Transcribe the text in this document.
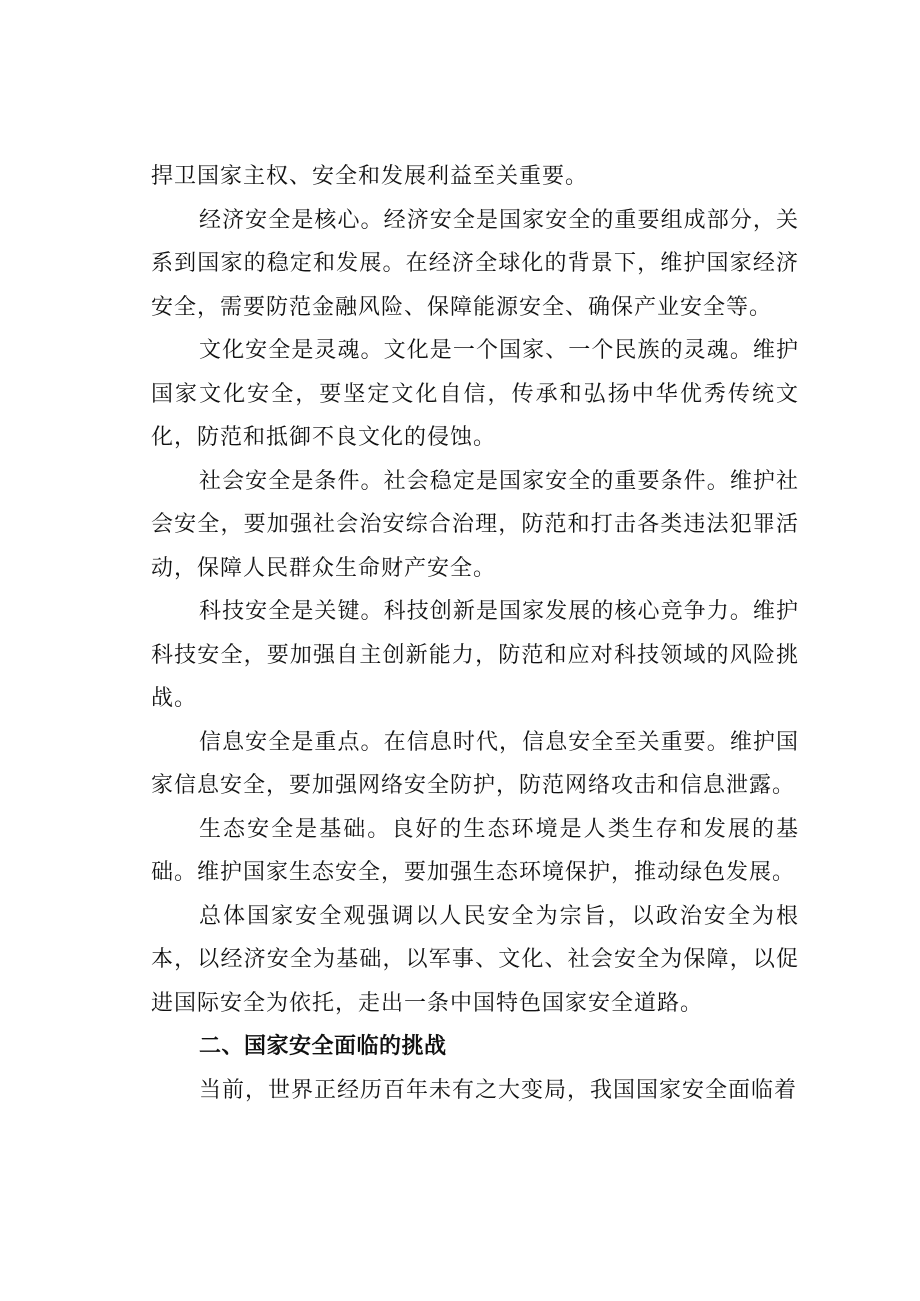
捍卫国家主权、安全和发展利益至关重要。

经济安全是核心。经济安全是国家安全的重要组成部分，关系到国家的稳定和发展。在经济全球化的背景下，维护国家经济安全，需要防范金融风险、保障能源安全、确保产业安全等。

文化安全是灵魂。文化是一个国家、一个民族的灵魂。维护国家文化安全，要坚定文化自信，传承和弘扬中华优秀传统文化，防范和抵御不良文化的侵蚀。

社会安全是条件。社会稳定是国家安全的重要条件。维护社会安全，要加强社会治安综合治理，防范和打击各类违法犯罪活动，保障人民群众生命财产安全。

科技安全是关键。科技创新是国家发展的核心竞争力。维护科技安全，要加强自主创新能力，防范和应对科技领域的风险挑战。

信息安全是重点。在信息时代，信息安全至关重要。维护国家信息安全，要加强网络安全防护，防范网络攻击和信息泄露。

生态安全是基础。良好的生态环境是人类生存和发展的基础。维护国家生态安全，要加强生态环境保护，推动绿色发展。

总体国家安全观强调以人民安全为宗旨，以政治安全为根本，以经济安全为基础，以军事、文化、社会安全为保障，以促进国际安全为依托，走出一条中国特色国家安全道路。

二、国家安全面临的挑战

当前，世界正经历百年未有之大变局，我国国家安全面临着
